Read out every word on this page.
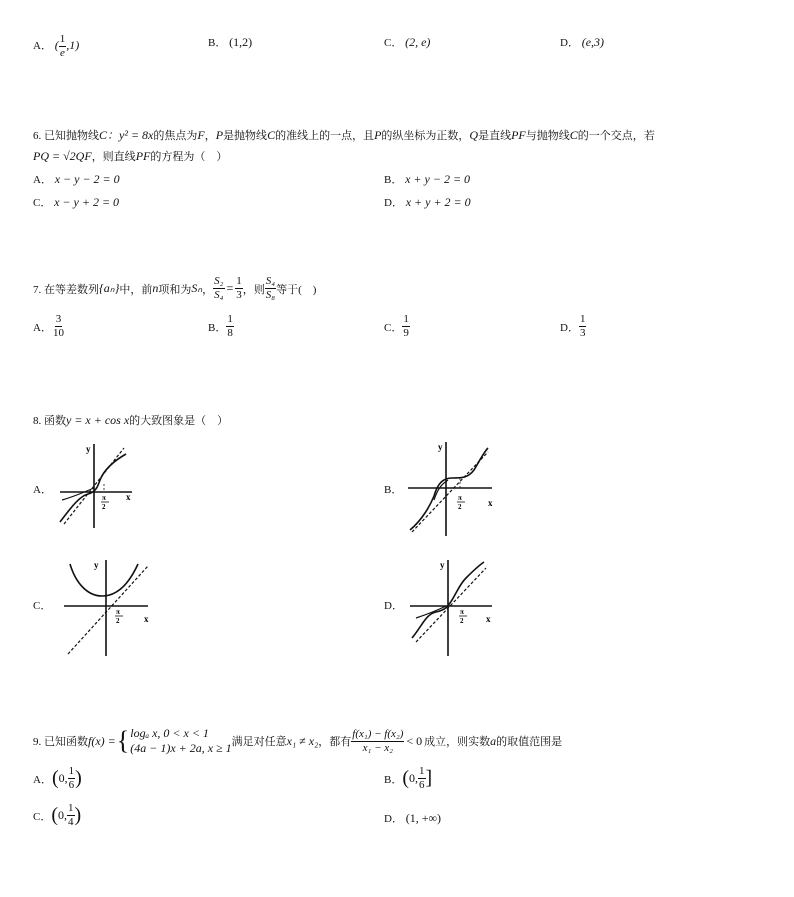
A． ( $\frac{1}{e} ,1$)	B． (1,2)	C． (2, e)	D． (e,3)
6. 已知抛物线C：y² = 8x的焦点为F，P是抛物线C的准线上的一点，且P的纵坐标为正数，Q是直线PF与抛物线C的一个交点，若
PQ = √2QF，则直线PF的方程为（　）
A． x − y − 2 = 0	B． x + y − 2 = 0
C． x − y + 2 = 0	D． x + y + 2 = 0
7. 在等差数列 {aₙ} 中，前 n 项和为 Sₙ ， $\frac{\text{S₂}}{\text{S₄}} = \frac{1}{3}$ ，则 $\frac{\text{S₄}}{\text{S₈}}$ 等于(　)
A． $\frac{3}{10}$	B． $\frac{1}{8}$	C． $\frac{1}{9}$	D． $\frac{1}{3}$
8. 函数y = x + cos x的大致图象是（　）
A．	B．
C．	D．
y
x
π
2
y
x
π
2
y
x
π
2
y
x
π
2
9. 已知函数 f(x) = { logₐ x, 0 < x < 1
(4a − 1)x + 2a, x ≥ 1 满足对任意 x₁ ≠ x₂ ，都有 $\frac{\text{f(x₁) − f(x₂)}}{\text{x₁ − x₂}} < 0$ 成立，则实数 a 的取值范围是
A． ( 0, $\frac{1}{6}$ )	B． ( 0, $\frac{1}{6}$ ]
C． ( 0, $\frac{1}{4}$ )	D． (1, +∞)
